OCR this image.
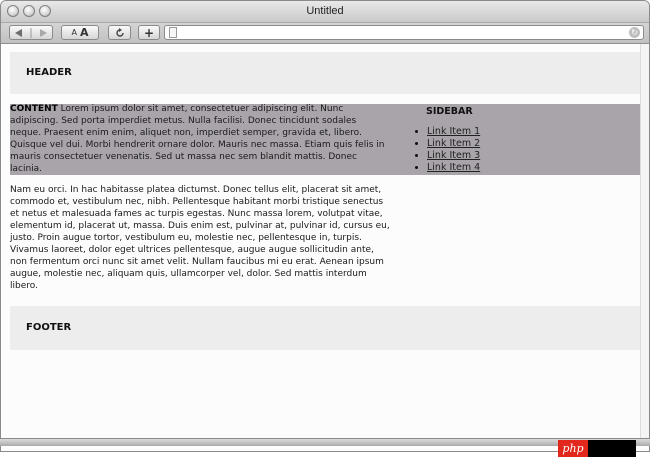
Untitled
A A	+	↻
HEADER

CONTENT Lorem ipsum dolor sit amet, consectetuer adipiscing elit. Nunc adipiscing. Sed porta imperdiet metus. Nulla facilisi. Donec tincidunt sodales neque. Praesent enim enim, aliquet non, imperdiet semper, gravida et, libero. Quisque vel dui. Morbi hendrerit ornare dolor. Mauris nec massa. Etiam quis felis in mauris consectetuer venenatis. Sed ut massa nec sem blandit mattis. Donec lacinia.

Nam eu orci. In hac habitasse platea dictumst. Donec tellus elit, placerat sit amet, commodo et, vestibulum nec, nibh. Pellentesque habitant morbi tristique senectus et netus et malesuada fames ac turpis egestas. Nunc massa lorem, volutpat vitae, elementum id, placerat ut, massa. Duis enim est, pulvinar at, pulvinar id, cursus eu, justo. Proin augue tortor, vestibulum eu, molestie nec, pellentesque in, turpis. Vivamus laoreet, dolor eget ultrices pellentesque, augue augue sollicitudin ante, non fermentum orci nunc sit amet velit. Nullam faucibus mi eu erat. Aenean ipsum augue, molestie nec, aliquam quis, ullamcorper vel, dolor. Sed mattis interdum libero.

SIDEBAR
• Link Item 1
• Link Item 2
• Link Item 3
• Link Item 4
FOOTER
php
